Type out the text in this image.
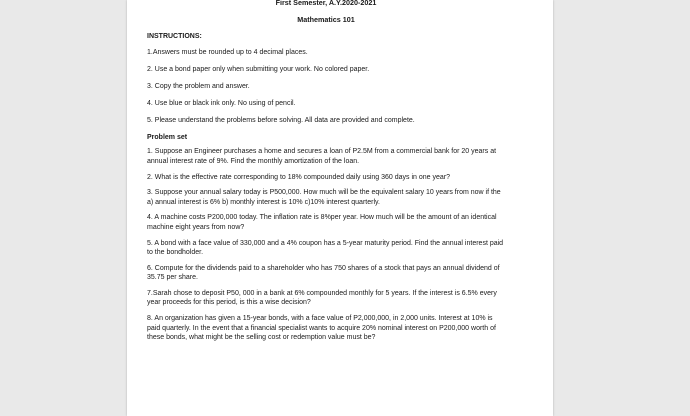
First Semester, A.Y.2020-2021
Mathematics 101
INSTRUCTIONS:
1.Answers must be rounded up to 4 decimal places.
2. Use a bond paper only when submitting your work. No colored paper.
3. Copy the problem and answer.
4. Use blue or black ink only. No using of pencil.
5. Please understand the problems before solving. All data are provided and complete.
Problem set
1. Suppose an Engineer purchases a home and secures a loan of P2.5M from a commercial bank for 20 years at annual interest rate of 9%. Find the monthly amortization of the loan.
2. What is the effective rate corresponding to 18% compounded daily using 360 days in one year?
3. Suppose your annual salary today is P500,000. How much will be the equivalent salary 10 years from now if the a) annual interest is 6% b) monthly interest is 10% c)10% interest quarterly.
4. A machine costs P200,000 today. The inflation rate is 8%per year. How much will be the amount of an identical machine eight years from now?
5. A bond with a face value of 330,000 and a 4% coupon has a 5-year maturity period. Find the annual interest paid to the bondholder.
6. Compute for the dividends paid to a shareholder who has 750 shares of a stock that pays an annual dividend of 35.75 per share.
7.Sarah chose to deposit P50, 000 in a bank at 6% compounded monthly for 5 years. If the interest is 6.5% every year proceeds for this period, is this a wise decision?
8. An organization has given a 15-year bonds, with a face value of P2,000,000, in 2,000 units. Interest at 10% is paid quarterly. In the event that a financial specialist wants to acquire 20% nominal interest on P200,000 worth of these bonds, what might be the selling cost or redemption value must be?
